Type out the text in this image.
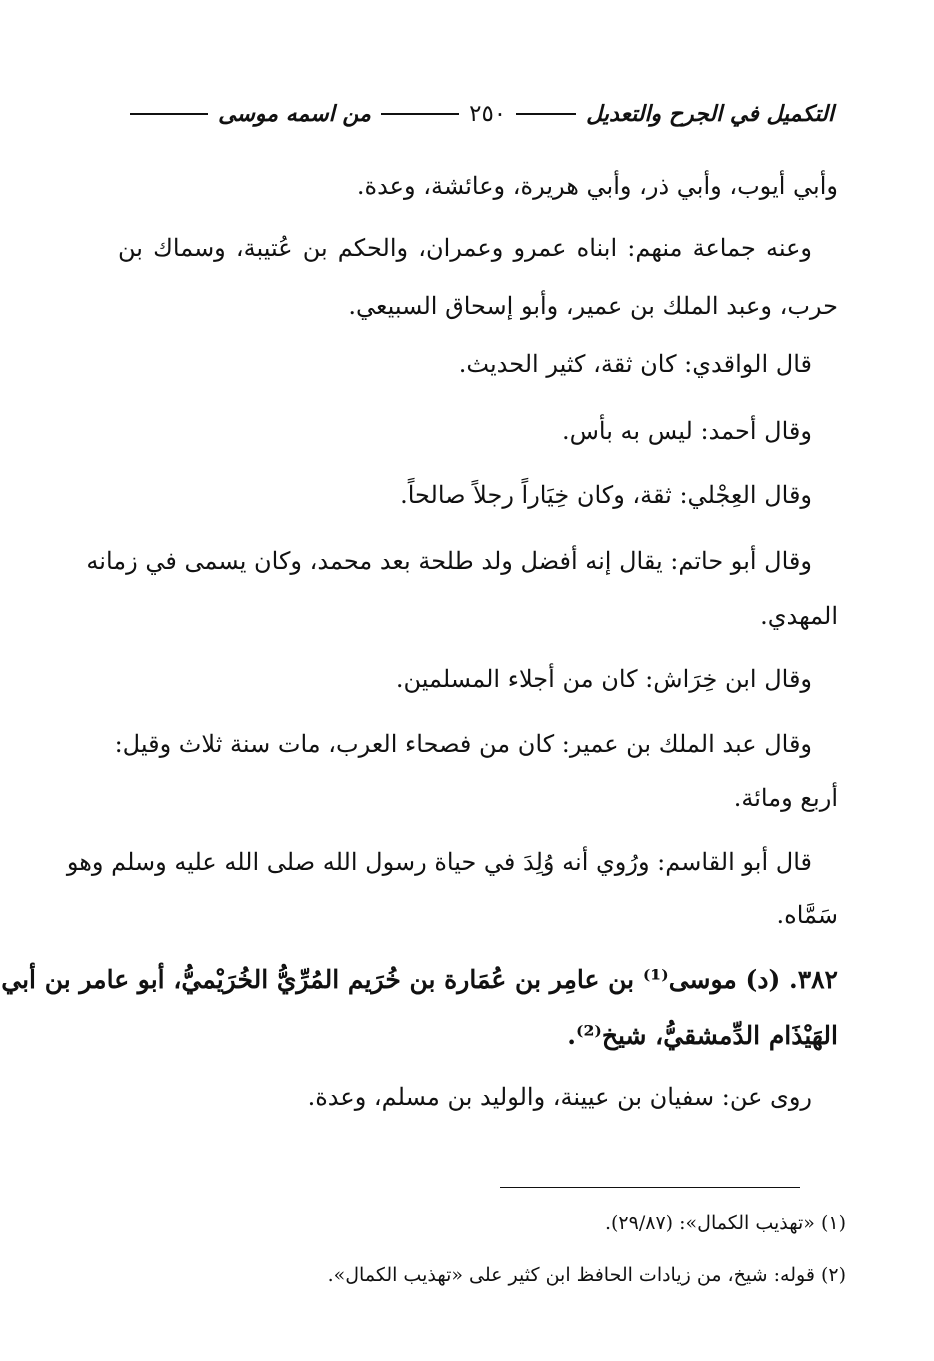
التكميل في الجرح والتعديل
٢٥٠
من اسمه موسى
وأبي أيوب، وأبي ذر، وأبي هريرة، وعائشة، وعدة.
وعنه جماعة منهم: ابناه عمرو وعمران، والحكم بن عُتيبة، وسماك بن
حرب، وعبد الملك بن عمير، وأبو إسحاق السبيعي.
قال الواقدي: كان ثقة، كثير الحديث.
وقال أحمد: ليس به بأس.
وقال العِجْلي: ثقة، وكان خِيَاراً رجلاً صالحاً.
وقال أبو حاتم: يقال إنه أفضل ولد طلحة بعد محمد، وكان يسمى في زمانه
المهدي.
وقال ابن خِرَاش: كان من أجلاء المسلمين.
وقال عبد الملك بن عمير: كان من فصحاء العرب، مات سنة ثلاث وقيل:
أربع ومائة.
قال أبو القاسم: ورُوي أنه وُلِدَ في حياة رسول الله صلى الله عليه وسلم وهو
سَمَّاه.
٣٨٢. (د) موسى⁽¹⁾ بن عامِر بن عُمَارة بن خُرَيم المُرِّيُّ الخُرَيْميُّ، أبو عامر بن أبي
الهَيْذَام الدِّمشقيُّ، شيخ⁽²⁾.
روى عن: سفيان بن عيينة، والوليد بن مسلم، وعدة.
(١) «تهذيب الكمال»: (٢٩/٨٧).
(٢) قوله: شيخ، من زيادات الحافظ ابن كثير على «تهذيب الكمال».
